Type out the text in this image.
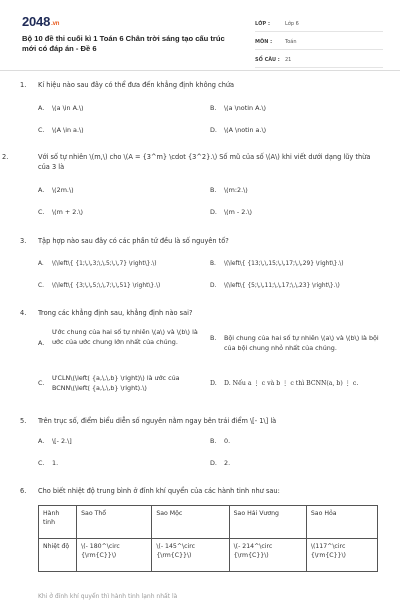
2048.vn
Bộ 10 đề thi cuối kì 1 Toán 6 Chân trời sáng tạo cấu trúc mới có đáp án - Đề 6
LỚP :	Lớp 6
MÔN :	Toán
SỐ CÂU :	21
1. Kí hiệu nào sau đây có thể đưa đến khẳng định không chứa
A. \(a \in A.\)	B. \(a \notin A.\)
C. \(A \in a.\)	D. \(A \notin a.\)
2.	Với số tự nhiên \(m,\) cho \(A = {3^m} \cdot {3^2}.\) Số mũ của số \(A\) khi viết dưới dạng lũy thừa của 3 là
A. \(2m.\)	B. \(m:2.\)
C. \(m + 2.\)	D. \(m - 2.\)
3. Tập hợp nào sau đây có các phần tử đều là số nguyên tố?
A. \(\left\{ {1;\,\,3;\,\,5;\,\,7} \right\}.\)	B. \(\left\{ {13;\,\,15;\,\,17;\,\,29} \right\}.\)
C. \(\left\{ {3;\,\,5;\,\,7;\,\,51} \right\}.\)	D. \(\left\{ {5;\,\,11;\,\,17;\,\,23} \right\}.\)
4. Trong các khẳng định sau, khẳng định nào sai?
A.
Ước chung của hai số tự nhiên \(a\) và \(b\) là ước của ước chung lớn nhất của chúng.	B. Bội chung của hai số tự nhiên \(a\) và \(b\) là bội của bội chung nhỏ nhất của chúng.
C.
ƯCLN\(\left( {a,\,\,b} \right)\) là ước của BCNN\(\left( {a,\,\,b} \right).\)	D. D. Nếu a ⋮ c và b ⋮ c thì BCNN(a, b) ⋮ c.
5. Trên trục số, điểm biểu diễn số nguyên nằm ngay bên trái điểm \[- 1\] là
A. \[- 2.\]	B. 0.
C. 1.	D. 2.
6. Cho biết nhiệt độ trung bình ở đỉnh khí quyển của các hành tinh như sau:
Hành tinh	Sao Thổ	Sao Mộc	Sao Hải Vương	Sao Hỏa
Nhiệt độ	\(- 180^\circ {\rm{C}}\)	\(- 145^\circ {\rm{C}}\)	\(- 214^\circ {\rm{C}}\)	\(117^\circ {\rm{C}}\)
Khi ở đỉnh khí quyển thì hành tinh lạnh nhất là
